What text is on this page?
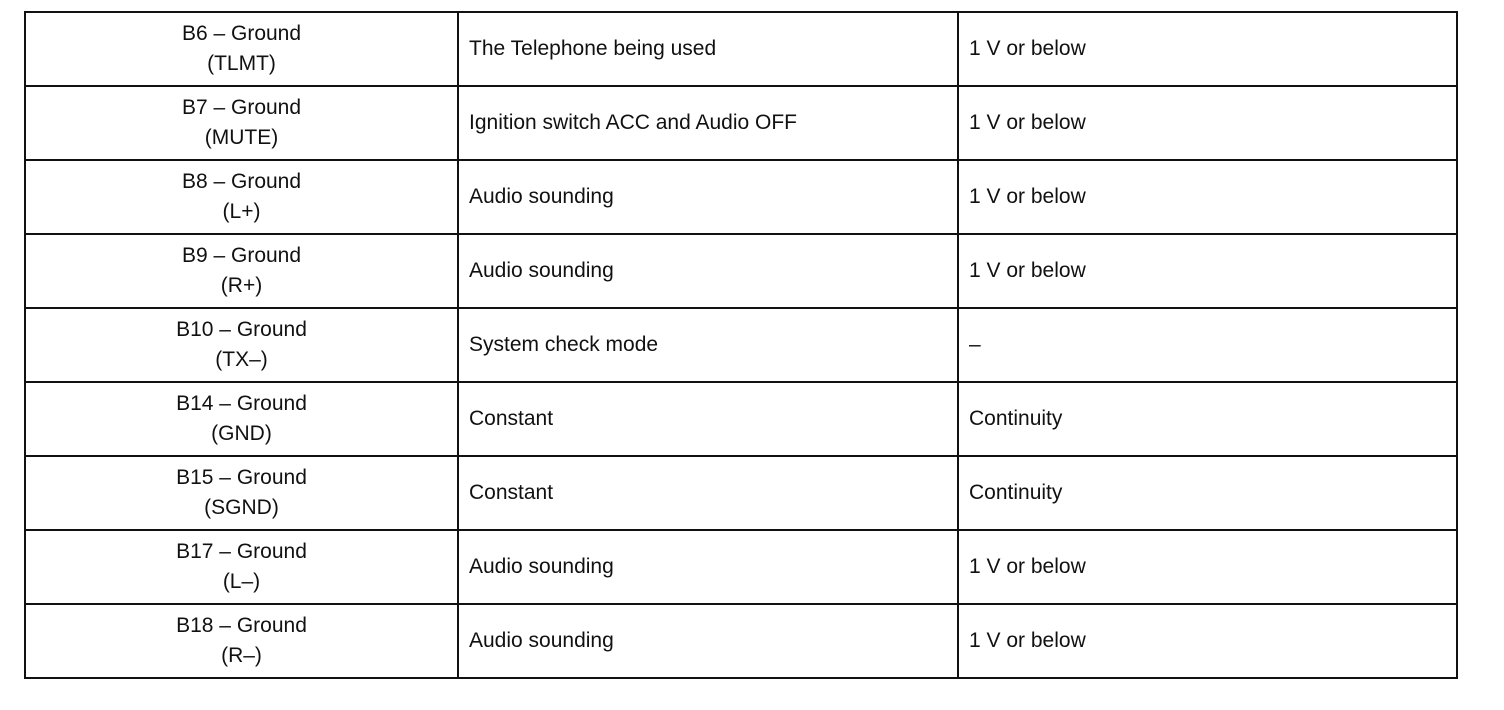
B6 – Ground
(TLMT)	The Telephone being used	1 V or below

B7 – Ground
(MUTE)	Ignition switch ACC and Audio OFF	1 V or below

B8 – Ground
(L+)	Audio sounding	1 V or below

B9 – Ground
(R+)	Audio sounding	1 V or below

B10 – Ground
(TX–)	System check mode	–

B14 – Ground
(GND)	Constant	Continuity

B15 – Ground
(SGND)	Constant	Continuity

B17 – Ground
(L–)	Audio sounding	1 V or below

B18 – Ground
(R–)	Audio sounding	1 V or below
